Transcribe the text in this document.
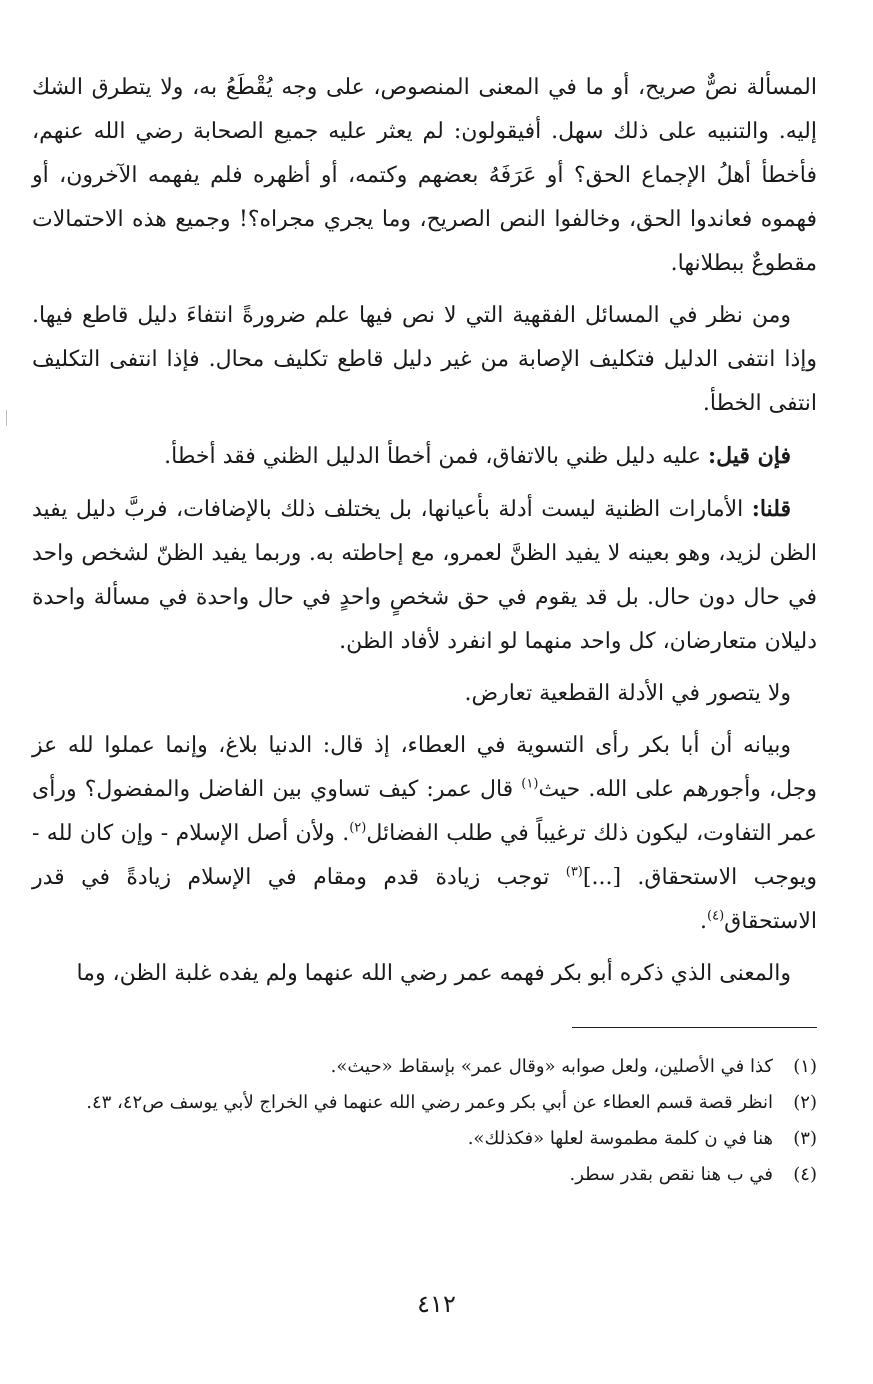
المسألة نصٌّ صريح، أو ما في المعنى المنصوص، على وجه يُقْطَعُ به، ولا يتطرق الشك إليه. والتنبيه على ذلك سهل. أفيقولون: لم يعثر عليه جميع الصحابة رضي الله عنهم، فأخطأ أهلُ الإجماع الحق؟ أو عَرَفَهُ بعضهم وكتمه، أو أظهره فلم يفهمه الآخرون، أو فهموه فعاندوا الحق، وخالفوا النص الصريح، وما يجري مجراه؟! وجميع هذه الاحتمالات مقطوعٌ ببطلانها.

ومن نظر في المسائل الفقهية التي لا نص فيها علم ضرورةً انتفاءَ دليل قاطع فيها. وإذا انتفى الدليل فتكليف الإصابة من غير دليل قاطع تكليف محال. فإذا انتفى التكليف انتفى الخطأ.

فإن قيل: عليه دليل ظني بالاتفاق، فمن أخطأ الدليل الظني فقد أخطأ.

قلنا: الأمارات الظنية ليست أدلة بأعيانها، بل يختلف ذلك بالإضافات، فربَّ دليل يفيد الظن لزيد، وهو بعينه لا يفيد الظنَّ لعمرو، مع إحاطته به. وربما يفيد الظنّ لشخص واحد في حال دون حال. بل قد يقوم في حق شخصٍ واحدٍ في حال واحدة في مسألة واحدة دليلان متعارضان، كل واحد منهما لو انفرد لأفاد الظن.

ولا يتصور في الأدلة القطعية تعارض.

وبيانه أن أبا بكر رأى التسوية في العطاء، إذ قال: الدنيا بلاغ، وإنما عملوا لله عز وجل، وأجورهم على الله. حيث$^{(١)}$ قال عمر: كيف تساوي بين الفاضل والمفضول؟ ورأى عمر التفاوت، ليكون ذلك ترغيباً في طلب الفضائل$^{(٢)}$. ولأن أصل الإسلام - وإن كان لله - ويوجب الاستحقاق. [...]$^{(٣)}$ توجب زيادة قدم ومقام في الإسلام زيادةً في قدر الاستحقاق$^{(٤)}$.

والمعنى الذي ذكره أبو بكر فهمه عمر رضي الله عنهما ولم يفده غلبة الظن، وما

(١)
كذا في الأصلين، ولعل صوابه «وقال عمر» بإسقاط «حيث».
(٢)
انظر قصة قسم العطاء عن أبي بكر وعمر رضي الله عنهما في الخراج لأبي يوسف ص٤٢، ٤٣.
(٣)
هنا في ن كلمة مطموسة لعلها «فكذلك».
(٤)
في ب هنا نقص بقدر سطر.
٤١٢
